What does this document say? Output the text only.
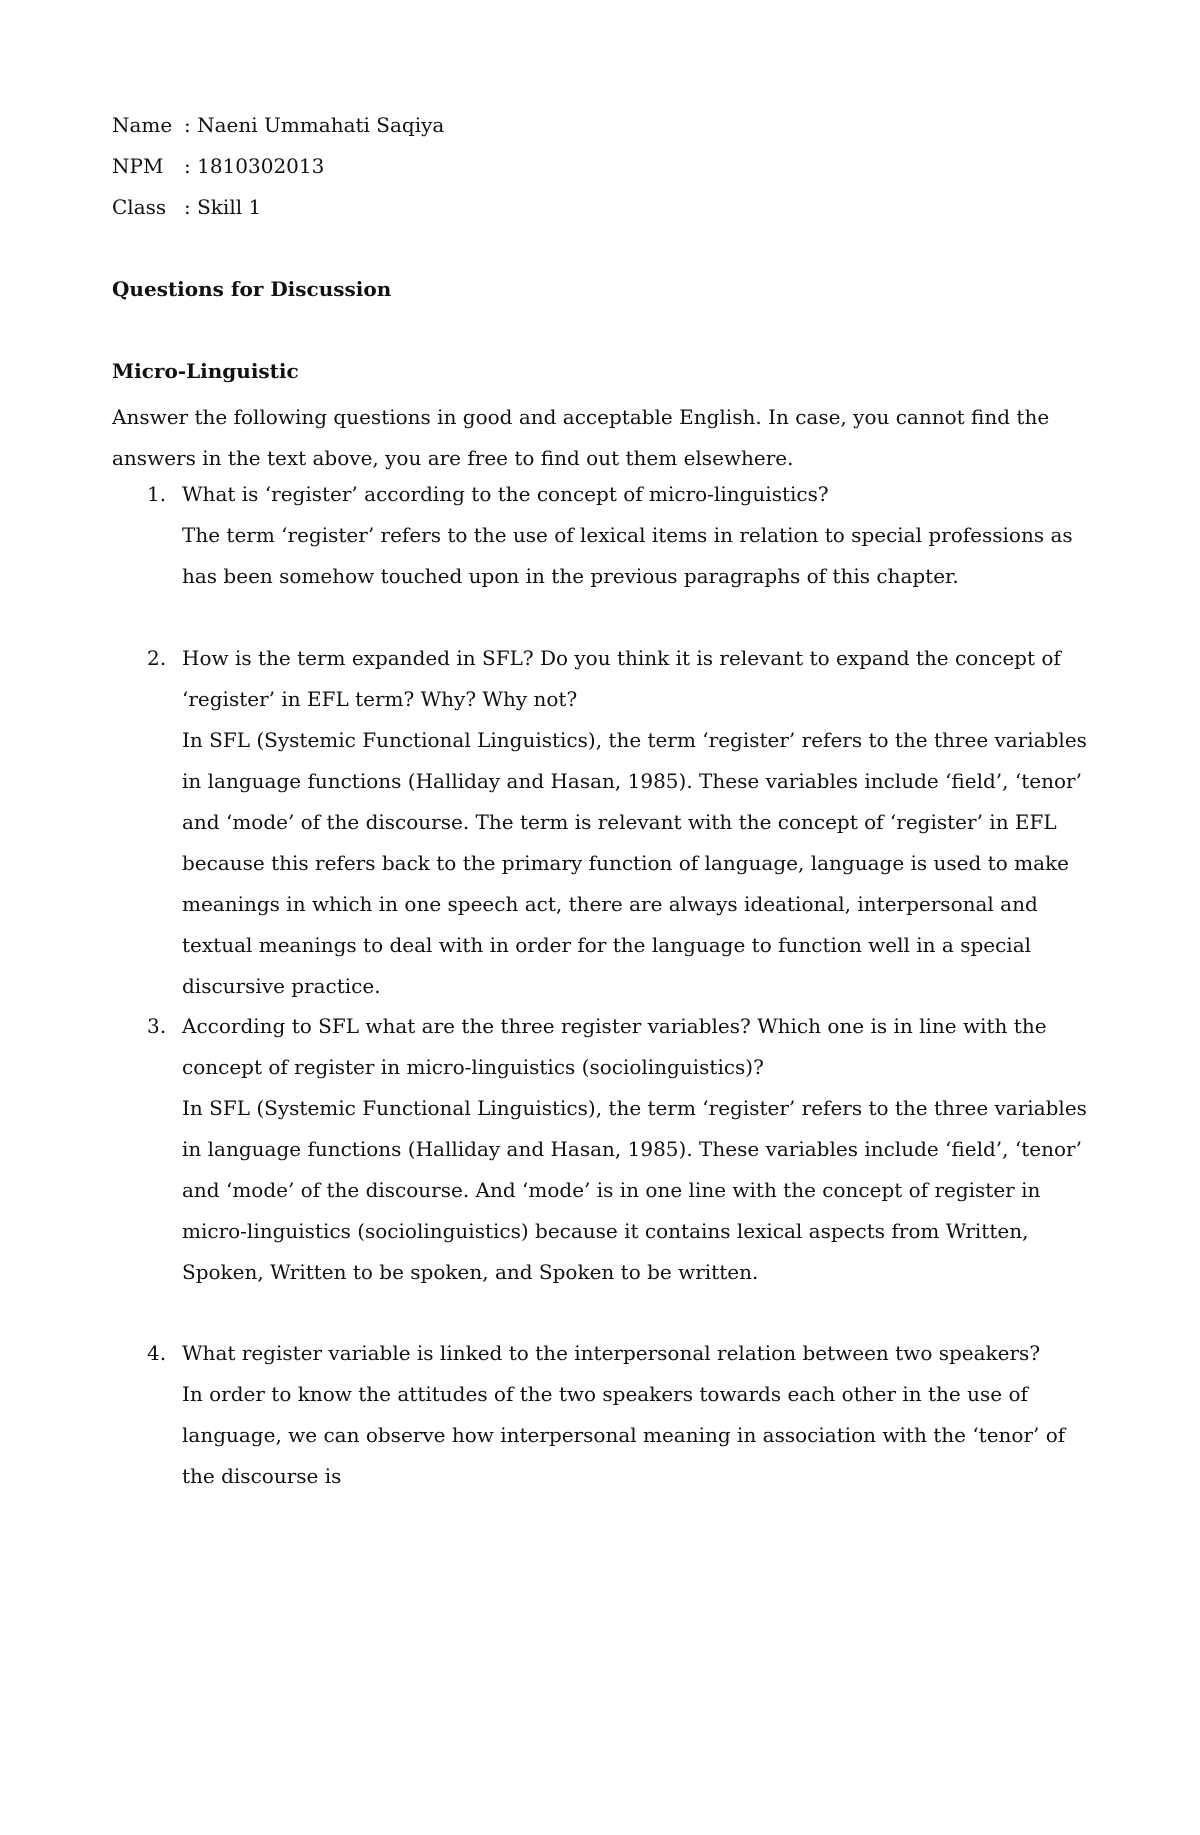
Name : Naeni Ummahati Saqiya
NPM : 1810302013
Class : Skill 1
Questions for Discussion
Micro-Linguistic
Answer the following questions in good and acceptable English. In case, you cannot find the answers in the text above, you are free to find out them elsewhere.
1. What is ‘register’ according to the concept of micro-linguistics?
The term ‘register’ refers to the use of lexical items in relation to special professions as has been somehow touched upon in the previous paragraphs of this chapter.
2. How is the term expanded in SFL? Do you think it is relevant to expand the concept of ‘register’ in EFL term? Why? Why not?
In SFL (Systemic Functional Linguistics), the term ‘register’ refers to the three variables in language functions (Halliday and Hasan, 1985). These variables include ‘field’, ‘tenor’ and ‘mode’ of the discourse. The term is relevant with the concept of ‘register’ in EFL because this refers back to the primary function of language, language is used to make meanings in which in one speech act, there are always ideational, interpersonal and textual meanings to deal with in order for the language to function well in a special discursive practice.
3. According to SFL what are the three register variables? Which one is in line with the concept of register in micro-linguistics (sociolinguistics)?
In SFL (Systemic Functional Linguistics), the term ‘register’ refers to the three variables in language functions (Halliday and Hasan, 1985). These variables include ‘field’, ‘tenor’ and ‘mode’ of the discourse. And ‘mode’ is in one line with the concept of register in micro-linguistics (sociolinguistics) because it contains lexical aspects from Written, Spoken, Written to be spoken, and Spoken to be written.
4. What register variable is linked to the interpersonal relation between two speakers?
In order to know the attitudes of the two speakers towards each other in the use of language, we can observe how interpersonal meaning in association with the ‘tenor’ of the discourse is
